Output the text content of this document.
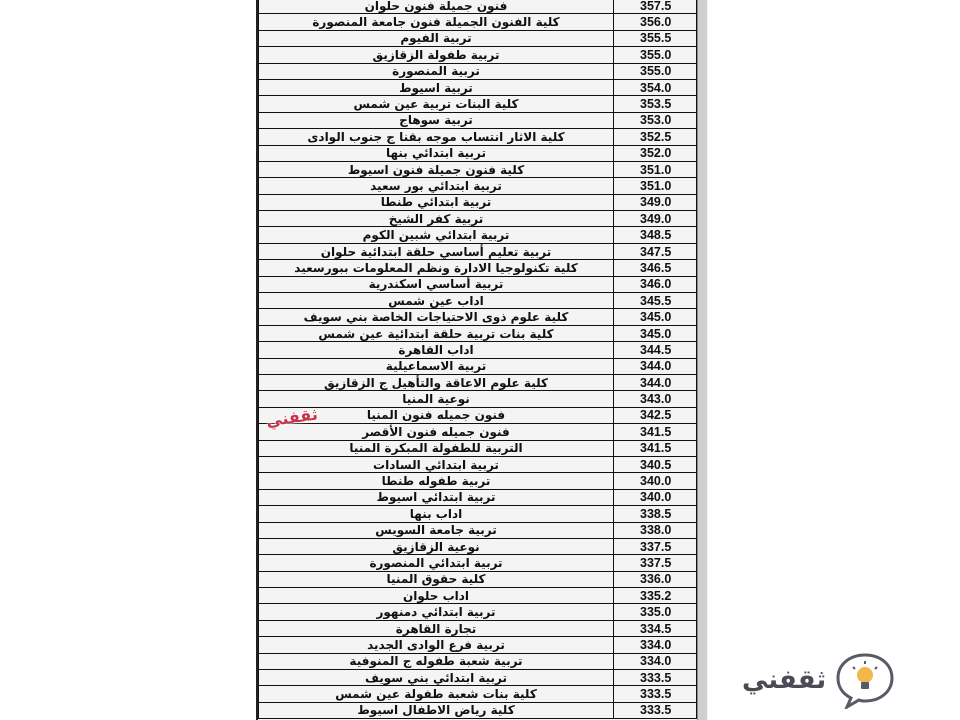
فنون جميلة فنون حلوان	357.5
كلية الفنون الجميلة فنون جامعة المنصورة	356.0
تربية الفيوم	355.5
تربية طفولة الزقازيق	355.0
تربية المنصورة	355.0
تربية اسيوط	354.0
كلية البنات تربية عين شمس	353.5
تربية سوهاج	353.0
كلية الاثار انتساب موجه بقنا ج جنوب الوادى	352.5
تربية ابتدائي بنها	352.0
كلية فنون جميلة فنون اسيوط	351.0
تربية ابتدائي بور سعيد	351.0
تربية ابتدائي طنطا	349.0
تربية كفر الشيخ	349.0
تربية ابتدائي شبين الكوم	348.5
تربية تعليم أساسي حلقة ابتدائية حلوان	347.5
كلية تكنولوجيا الادارة ونظم المعلومات ببورسعيد	346.5
تربية أساسي اسكندرية	346.0
اداب عين شمس	345.5
كلية علوم ذوى الاحتياجات الخاصة بني سويف	345.0
كلية بنات تربية حلقة ابتدائية عين شمس	345.0
اداب القاهرة	344.5
تربية الاسماعيلية	344.0
كلية علوم الاعاقة والتأهيل ج الزقازيق	344.0
نوعية المنيا	343.0
فنون جميله فنون المنيا	342.5
فنون جميله فنون الأقصر	341.5
التربية للطفولة المبكرة المنيا	341.5
تربية ابتدائي السادات	340.5
تربية طفوله طنطا	340.0
تربية ابتدائي اسيوط	340.0
اداب بنها	338.5
تربية جامعة السويس	338.0
نوعية الزقازيق	337.5
تربية ابتدائي المنصورة	337.5
كلية حقوق المنيا	336.0
اداب حلوان	335.2
تربية ابتدائي دمنهور	335.0
تجارة القاهرة	334.5
تربية فرع الوادى الجديد	334.0
تربية شعبة طفوله ج المنوفية	334.0
تربية ابتدائي بني سويف	333.5
كلية بنات شعبة طفولة عين شمس	333.5
كلية رياض الاطفال اسيوط	333.5
ثقفني
ثقفني
